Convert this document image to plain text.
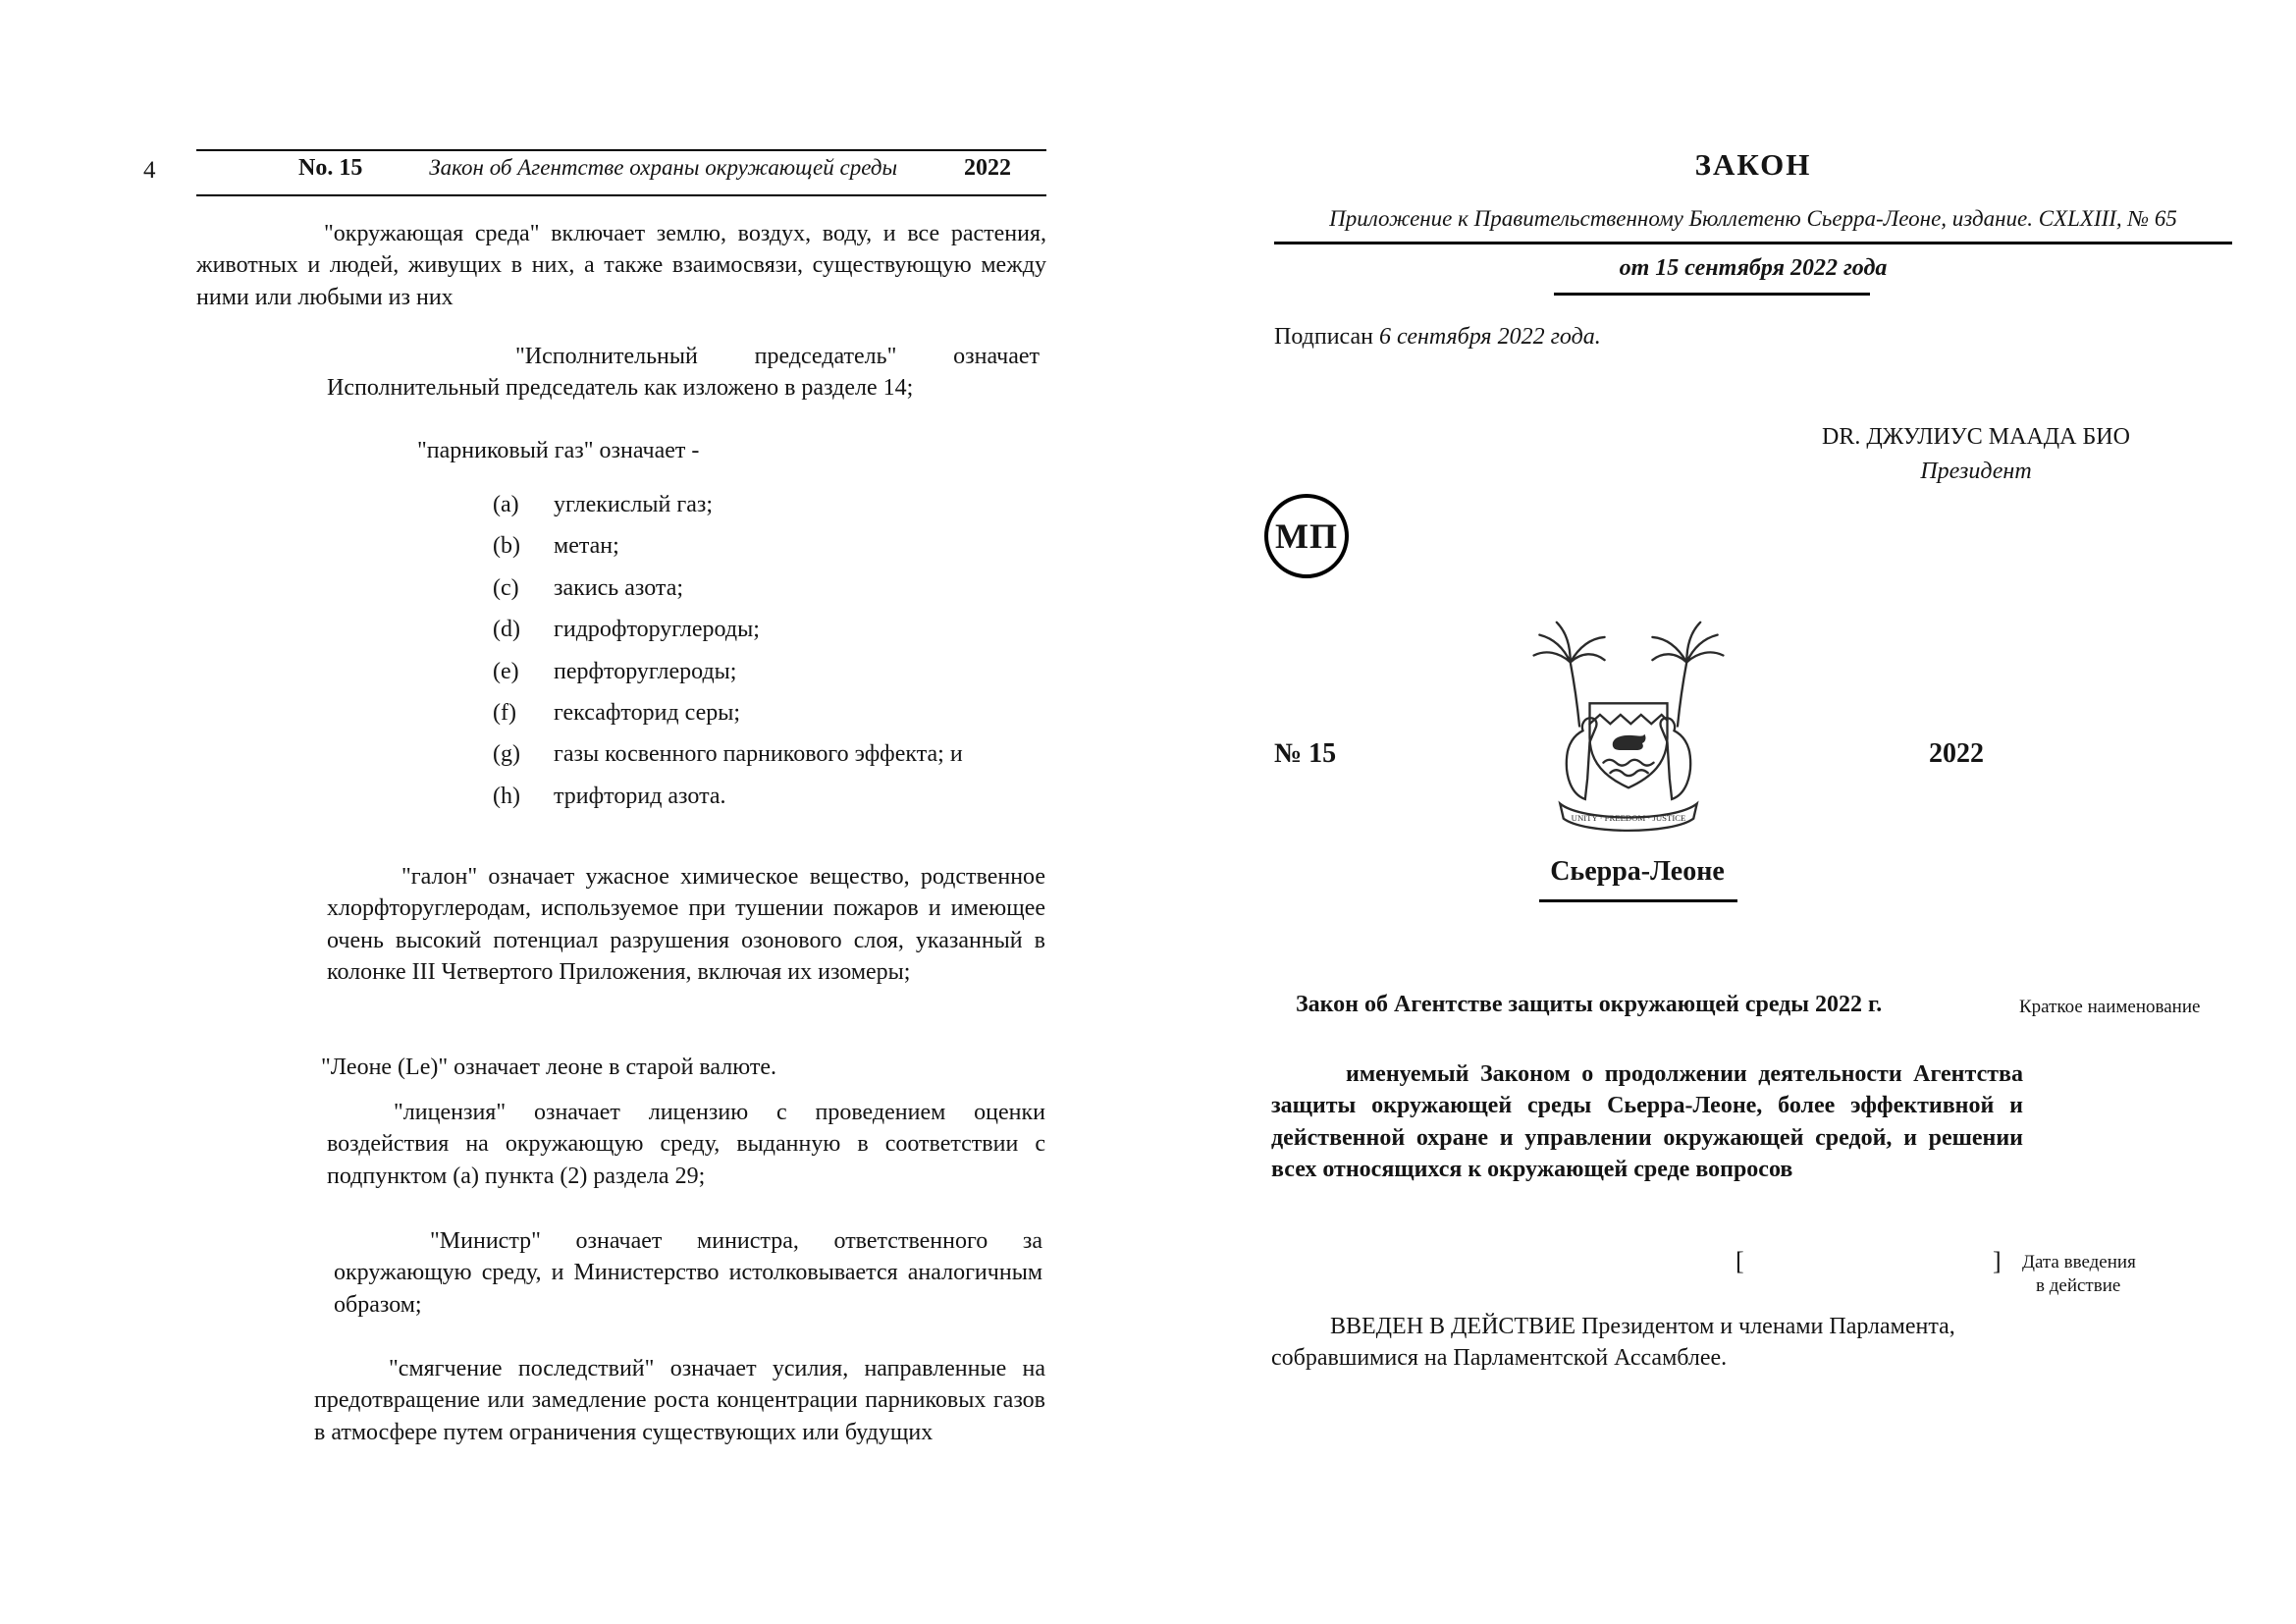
4	No. 15	Закон об Агентстве охраны окружающей среды	2022

"окружающая среда" включает землю, воздух, воду, и все растения, животных и людей, живущих в них, а также взаимосвязи, существующую между ними или любыми из них

"Исполнительный председатель" означает Исполнительный председатель как изложено в разделе 14;

"парниковый газ" означает -

(a)	углекислый газ;
(b)	метан;
(c)	закись азота;
(d)	гидрофторуглероды;
(e)	перфторуглероды;
(f)	гексафторид серы;
(g)	газы косвенного парникового эффекта; и
(h)	трифторид азота.

"галон" означает ужасное химическое вещество, родственное хлорфторуглеродам, используемое при тушении пожаров и имеющее очень высокий потенциал разрушения озонового слоя, указанный в колонке III Четвертого Приложения, включая их изомеры;

"Леоне (Le)" означает леоне в старой валюте.

"лицензия" означает лицензию с проведением оценки воздействия на окружающую среду, выданную в соответствии с подпунктом (а) пункта (2) раздела 29;

"Министр" означает министра, ответственного за окружающую среду, и Министерство истолковывается аналогичным образом;

"смягчение последствий" означает усилия, направленные на предотвращение или замедление роста концентрации парниковых газов в атмосфере путем ограничения существующих или будущих

ЗАКОН
Приложение к Правительственному Бюллетеню Сьерра-Леоне, издание. CXLXIII, № 65
от 15 сентября 2022 года
Подписан 6 сентября 2022 года.
DR. ДЖУЛИУС МААДА БИО
Президент
МП
UNITY · FREEDOM · JUSTICE
№ 15	2022
Сьерра-Леоне
Закон об Агентстве защиты окружающей среды 2022 г.	Краткое наименование

именуемый Законом о продолжении деятельности Агентства защиты окружающей среды Сьерра-Леоне, более эффективной и действенной охране и управлении окружающей средой, и решении всех относящихся к окружающей среде вопросов

[	] Дата введения
в действие

ВВЕДЕН В ДЕЙСТВИЕ Президентом и членами Парламента, собравшимися на Парламентской Ассамблее.
